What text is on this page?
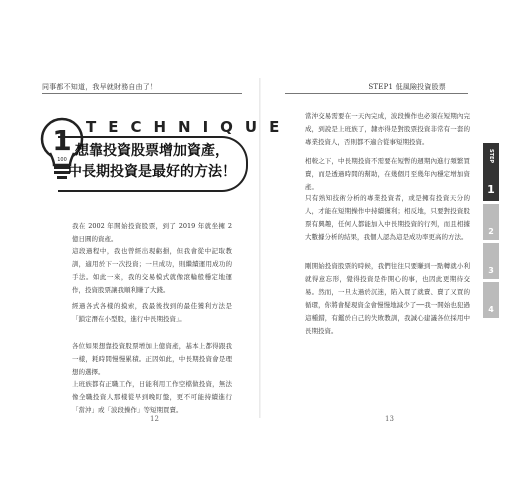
同事都不知道，我早就財務自由了！	STEP1 低風險投資股票
1
100
TECHNIQUE
想靠投資股票增加資產，
中長期投資是最好的方法！
我在 2002 年開始投資股票，到了 2019 年就坐擁 2 億日圓的資產。
這段過程中，我也曾經出現虧損，但我會從中記取教訓，適用於下一次投資；一旦成功，則繼續運用成功的手法。如此一來，我的交易模式就像滾輪般穩定地運作，投資股票讓我順利賺了大錢。
經過各式各樣的摸索，我最後找到的最佳獲利方法是「鎖定潛在小型股，進行中長期投資」。
各位如果想靠投資股票增加上億資產，基本上都得跟我一樣，耗時間慢慢累積。正因如此，中長期投資會是理想的選擇。
上班族都有正職工作，日能利用工作空檔做投資，無法像全職投資人那樣從早到晚盯盤，更不可能持續進行「當沖」或「波段操作」等短期買賣。
12
當沖交易需要在一天內完成，波段操作也必須在短期內完成，到說是上班族了，隸亦得是對股票投資非常有一套的專業投資人，否則都不適合從事短期投資。
相較之下，中長期投資不需要在短暫的週期內進行頻繁買賣，而是透過時間的幫助，在幾個月至幾年內穩定增加資產。
只有熟知技術分析的專業投資者，或是擁有投資天分的人，才能在短期操作中持續獲利；相反地，只要對投資股票有興趣，任何人都能加入中長期投資的行列，而且相據大數據分析的結果，我個人認為這是成功率更高的方法。
剛開始投資股票的時候，我們往往只要賺到一點轉就小利就得意忘形，覺得投資是件開心的事，也因此更期待交易。然而，一旦太過於沉迷，陷入買了就賣、賣了又買的循環，你將會疑現資金會慢慢地減少了──我一開始也犯過這種錯，有鑑於自己的失敗教訓，我誠心建議各位採用中長期投資。
13
STEP
1
2
3
4
